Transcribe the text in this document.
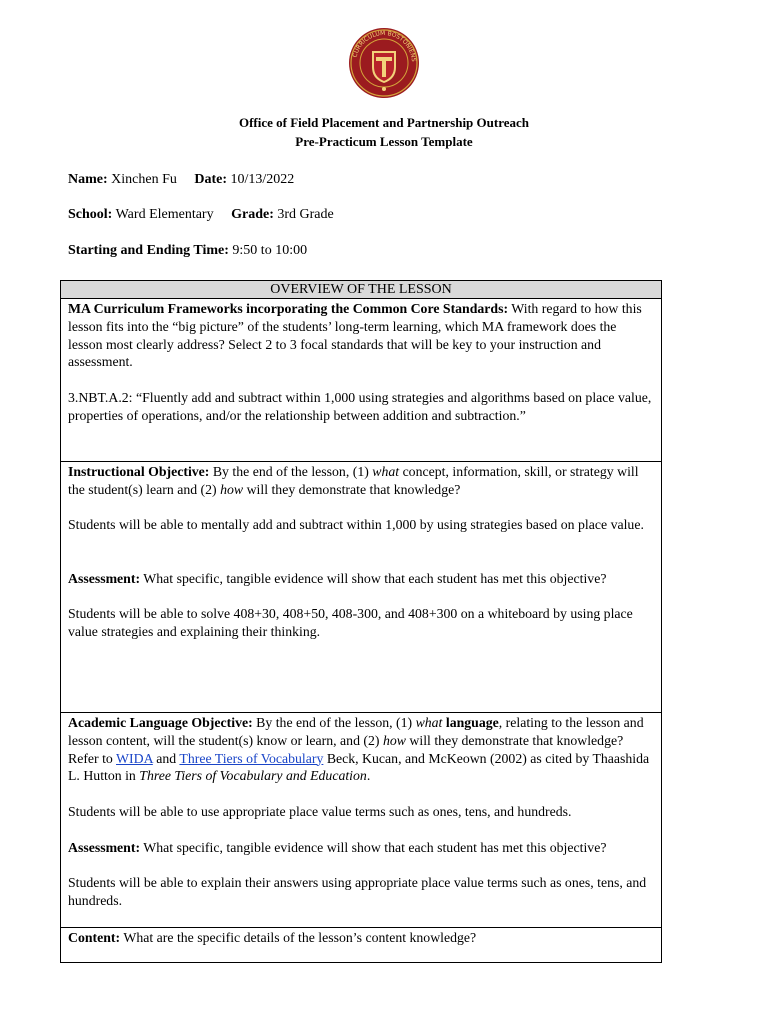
CURRICULUM BOSTONIENS
Office of Field Placement and Partnership Outreach
Pre-Practicum Lesson Template
Name: Xinchen Fu Date: 10/13/2022
School: Ward Elementary Grade: 3rd Grade
Starting and Ending Time: 9:50 to 10:00
OVERVIEW OF THE LESSON

MA Curriculum Frameworks incorporating the Common Core Standards: With regard to how this lesson fits into the “big picture” of the students’ long-term learning, which MA framework does the lesson most clearly address? Select 2 to 3 focal standards that will be key to your instruction and assessment.

3.NBT.A.2: “Fluently add and subtract within 1,000 using strategies and algorithms based on place value, properties of operations, and/or the relationship between addition and subtraction.”

Instructional Objective: By the end of the lesson, (1) what concept, information, skill, or strategy will the student(s) learn and (2) how will they demonstrate that knowledge?

Students will be able to mentally add and subtract within 1,000 by using strategies based on place value.

Assessment: What specific, tangible evidence will show that each student has met this objective?

Students will be able to solve 408+30, 408+50, 408-300, and 408+300 on a whiteboard by using place value strategies and explaining their thinking.

Academic Language Objective: By the end of the lesson, (1) what language, relating to the lesson and lesson content, will the student(s) know or learn, and (2) how will they demonstrate that knowledge? Refer to WIDA and Three Tiers of Vocabulary Beck, Kucan, and McKeown (2002) as cited by Thaashida L. Hutton in Three Tiers of Vocabulary and Education.

Students will be able to use appropriate place value terms such as ones, tens, and hundreds.

Assessment: What specific, tangible evidence will show that each student has met this objective?

Students will be able to explain their answers using appropriate place value terms such as ones, tens, and hundreds.

Content: What are the specific details of the lesson’s content knowledge?
